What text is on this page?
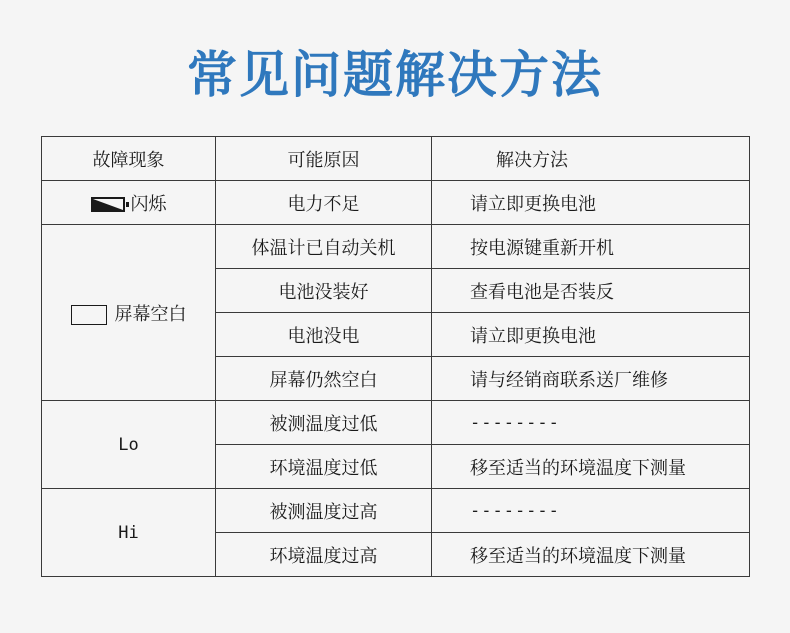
常见问题解决方法
故障现象	可能原因	解决方法

闪烁	电力不足	请立即更换电池
屏幕空白	体温计已自动关机	按电源键重新开机
	电池没装好	查看电池是否装反
	电池没电	请立即更换电池
	屏幕仍然空白	请与经销商联系送厂维修
Lo	被测温度过低	--------
	环境温度过低	移至适当的环境温度下测量
Hi	被测温度过高	--------
	环境温度过高	移至适当的环境温度下测量
